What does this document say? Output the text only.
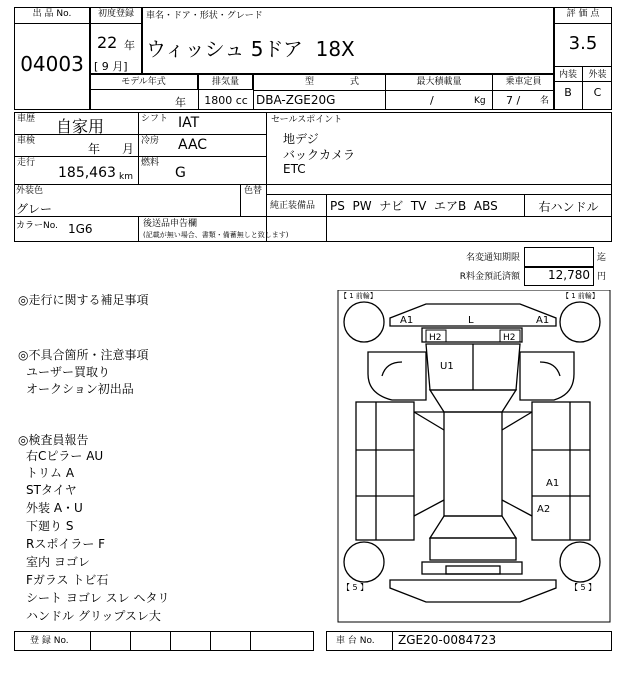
出 品 No.
04003
初度登録
22 年
[ 9 月]
車名・ドア・形状・グレード
ウィッシュ 5ドア  18X
評 価 点
3.5
内装	外装
B	C
モデル年式
年
排気量
1800 cc
型	式
DBA-ZGE20G
最大積載量
/	Kg
乗車定員
7 / 名
車歴 自家用
車検
年 月
走行
185,463 km
シフト IAT
冷房 AAC
燃料
G
セールスポイント
地デジ
バックカメラ
ETC
外装色
グレー
色替
純正装備品 PS  PW  ナビ  TV  エアB  ABS	右ハンドル
カラーNo. 1G6	後送品申告欄
(記載が無い場合、書類・備蓄無しと致します)
名変通知期限	迄
R料金預託済額	12,780 円
◎走行に関する補足事項
◎不具合箇所・注意事項
ユーザー買取り
オークション初出品
◎検査員報告
右Cピラー AU
トリム A
STタイヤ
外装 A・U
下廻り S
Rスポイラー F
室内 ヨゴレ
Fガラス トビ石
シート ヨゴレ スレ ヘタリ
ハンドル グリップスレ大
【 1 前輪】	【 1 前輪】
【 5 】	【 5 】
A1	L	A1
H2	H2
U1
A1
A2
登 録 No.	車 台 No. ZGE20-0084723
